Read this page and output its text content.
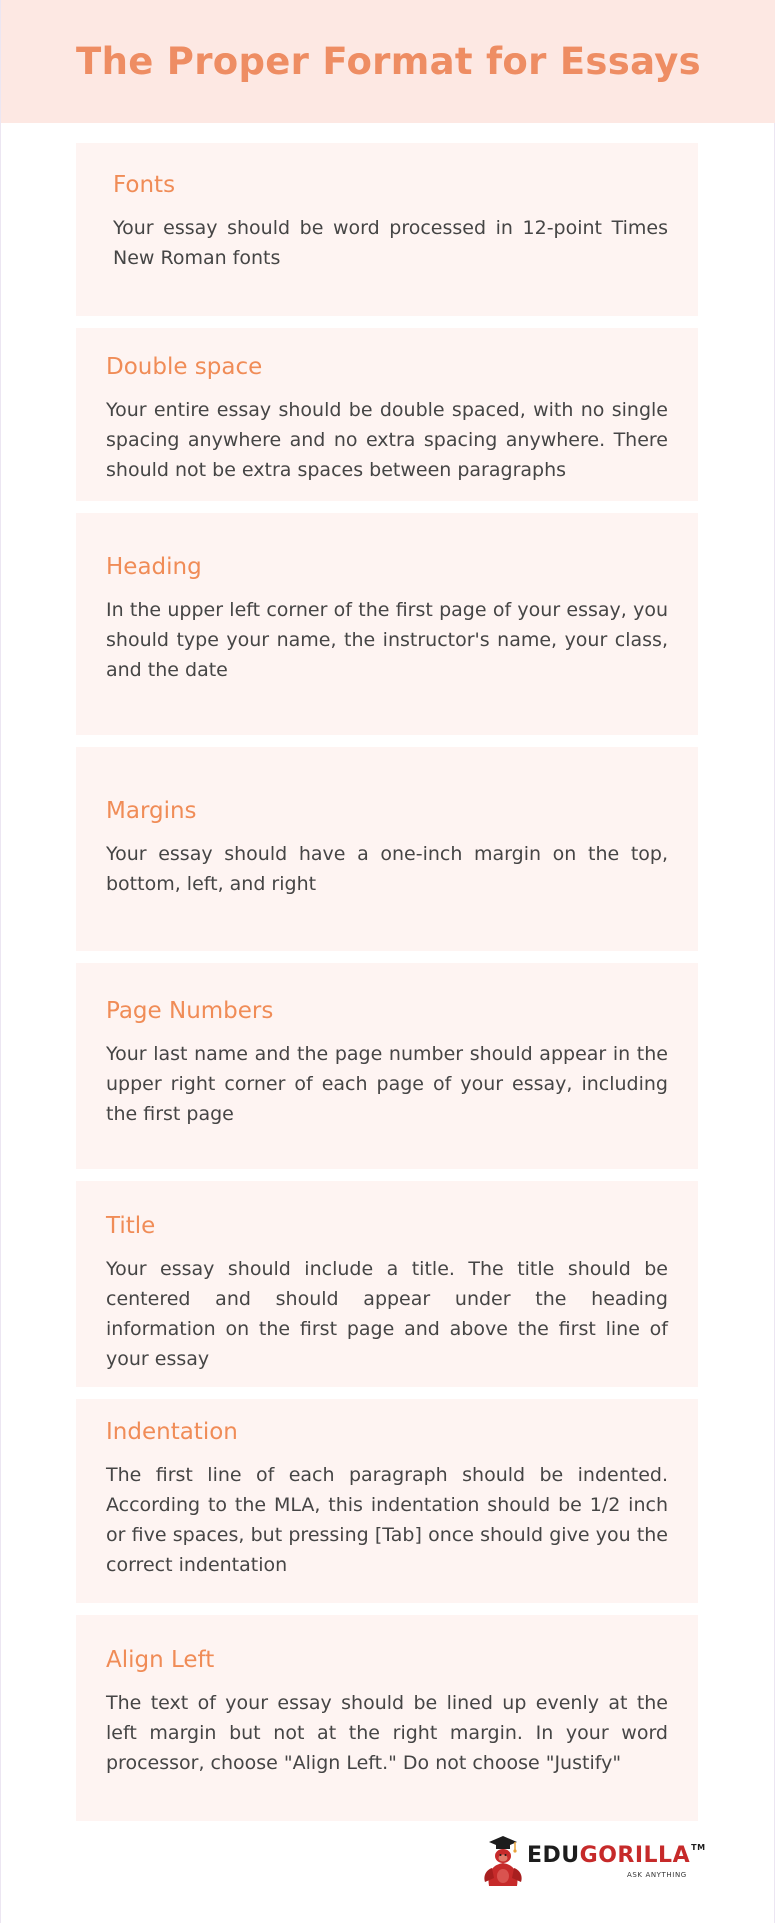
The Proper Format for Essays
Fonts

Your essay should be word processed in 12-point Times New Roman fonts

Double space

Your entire essay should be double spaced, with no single spacing anywhere and no extra spacing anywhere. There should not be extra spaces between paragraphs

Heading

In the upper left corner of the first page of your essay, you should type your name, the instructor's name, your class, and the date

Margins

Your essay should have a one-inch margin on the top, bottom, left, and right

Page Numbers

Your last name and the page number should appear in the upper right corner of each page of your essay, including the first page

Title

Your essay should include a title. The title should be centered and should appear under the heading information on the first page and above the first line of your essay

Indentation

The first line of each paragraph should be indented. According to the MLA, this indentation should be 1/2 inch or five spaces, but pressing [Tab] once should give you the correct indentation

Align Left

The text of your essay should be lined up evenly at the left margin but not at the right margin. In your word processor, choose "Align Left." Do not choose "Justify"

EDUGORILLA™
ASK ANYTHING
